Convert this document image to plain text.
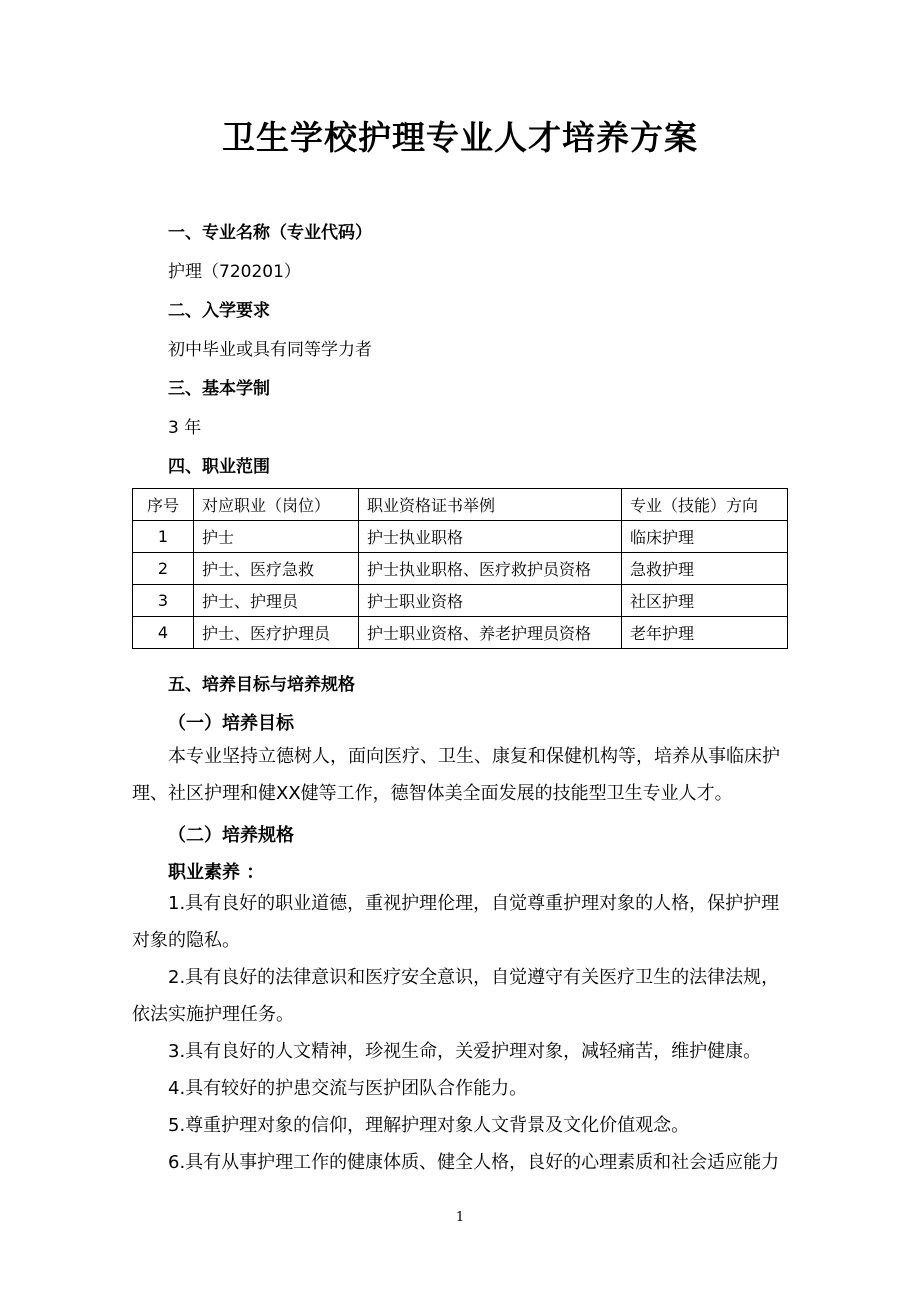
卫生学校护理专业人才培养方案
一、专业名称（专业代码）
护理（720201）
二、入学要求
初中毕业或具有同等学力者
三、基本学制
3 年
四、职业范围
序号	对应职业（岗位）	职业资格证书举例	专业（技能）方向
1	护士	护士执业职格	临床护理
2	护士、医疗急救	护士执业职格、医疗救护员资格	急救护理
3	护士、护理员	护士职业资格	社区护理
4	护士、医疗护理员	护士职业资格、养老护理员资格	老年护理
五、培养目标与培养规格
（一）培养目标
本专业坚持立德树人，面向医疗、卫生、康复和保健机构等，培养从事临床护理、社区护理和健XX健等工作，德智体美全面发展的技能型卫生专业人才。
（二）培养规格
职业素养 ：
1.具有良好的职业道德，重视护理伦理，自觉尊重护理对象的人格，保护护理对象的隐私。
2.具有良好的法律意识和医疗安全意识，自觉遵守有关医疗卫生的法律法规，依法实施护理任务。
3.具有良好的人文精神，珍视生命，关爱护理对象，减轻痛苦，维护健康。
4.具有较好的护患交流与医护团队合作能力。
5.尊重护理对象的信仰，理解护理对象人文背景及文化价值观念。
6.具有从事护理工作的健康体质、健全人格，良好的心理素质和社会适应能力
1
